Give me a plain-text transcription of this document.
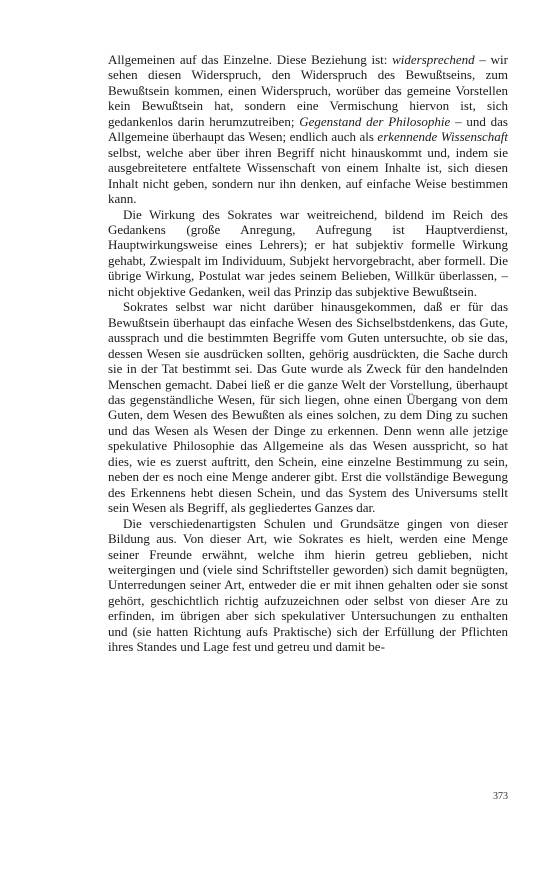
Allgemeinen auf das Einzelne. Diese Beziehung ist: widersprechend – wir sehen diesen Widerspruch, den Widerspruch des Bewußtseins, zum Bewußtsein kommen, einen Widerspruch, worüber das gemeine Vorstellen kein Bewußtsein hat, sondern eine Vermischung hiervon ist, sich gedankenlos darin herumzutreiben; Gegenstand der Philosophie – und das Allgemeine überhaupt das Wesen; endlich auch als erkennende Wissenschaft selbst, welche aber über ihren Begriff nicht hinauskommt und, indem sie ausgebreitetere entfaltete Wissenschaft von einem Inhalte ist, sich diesen Inhalt nicht geben, sondern nur ihn denken, auf einfache Weise bestimmen kann.

Die Wirkung des Sokrates war weitreichend, bildend im Reich des Gedankens (große Anregung, Aufregung ist Hauptverdienst, Hauptwirkungsweise eines Lehrers); er hat subjektiv formelle Wirkung gehabt, Zwiespalt im Individuum, Subjekt hervorgebracht, aber formell. Die übrige Wirkung, Postulat war jedes seinem Belieben, Willkür überlassen, – nicht objektive Gedanken, weil das Prinzip das subjektive Bewußtsein.

Sokrates selbst war nicht darüber hinausgekommen, daß er für das Bewußtsein überhaupt das einfache Wesen des Sichselbstdenkens, das Gute, aussprach und die bestimmten Begriffe vom Guten untersuchte, ob sie das, dessen Wesen sie ausdrücken sollten, gehörig ausdrückten, die Sache durch sie in der Tat bestimmt sei. Das Gute wurde als Zweck für den handelnden Menschen gemacht. Dabei ließ er die ganze Welt der Vorstellung, überhaupt das gegenständliche Wesen, für sich liegen, ohne einen Übergang von dem Guten, dem Wesen des Bewußten als eines solchen, zu dem Ding zu suchen und das Wesen als Wesen der Dinge zu erkennen. Denn wenn alle jetzige spekulative Philosophie das Allgemeine als das Wesen ausspricht, so hat dies, wie es zuerst auftritt, den Schein, eine einzelne Bestimmung zu sein, neben der es noch eine Menge anderer gibt. Erst die vollständige Bewegung des Erkennens hebt diesen Schein, und das System des Universums stellt sein Wesen als Begriff, als gegliedertes Ganzes dar.

Die verschiedenartigsten Schulen und Grundsätze gingen von dieser Bildung aus. Von dieser Art, wie Sokrates es hielt, werden eine Menge seiner Freunde erwähnt, welche ihm hierin getreu geblieben, nicht weitergingen und (viele sind Schriftsteller geworden) sich damit begnügten, Unterredungen seiner Art, entweder die er mit ihnen gehalten oder sie sonst gehört, geschichtlich richtig aufzuzeichnen oder selbst von dieser Are zu erfinden, im übrigen aber sich spekulativer Untersuchungen zu enthalten und (sie hatten Richtung aufs Praktische) sich der Erfüllung der Pflichten ihres Standes und Lage fest und getreu und damit be-

373
